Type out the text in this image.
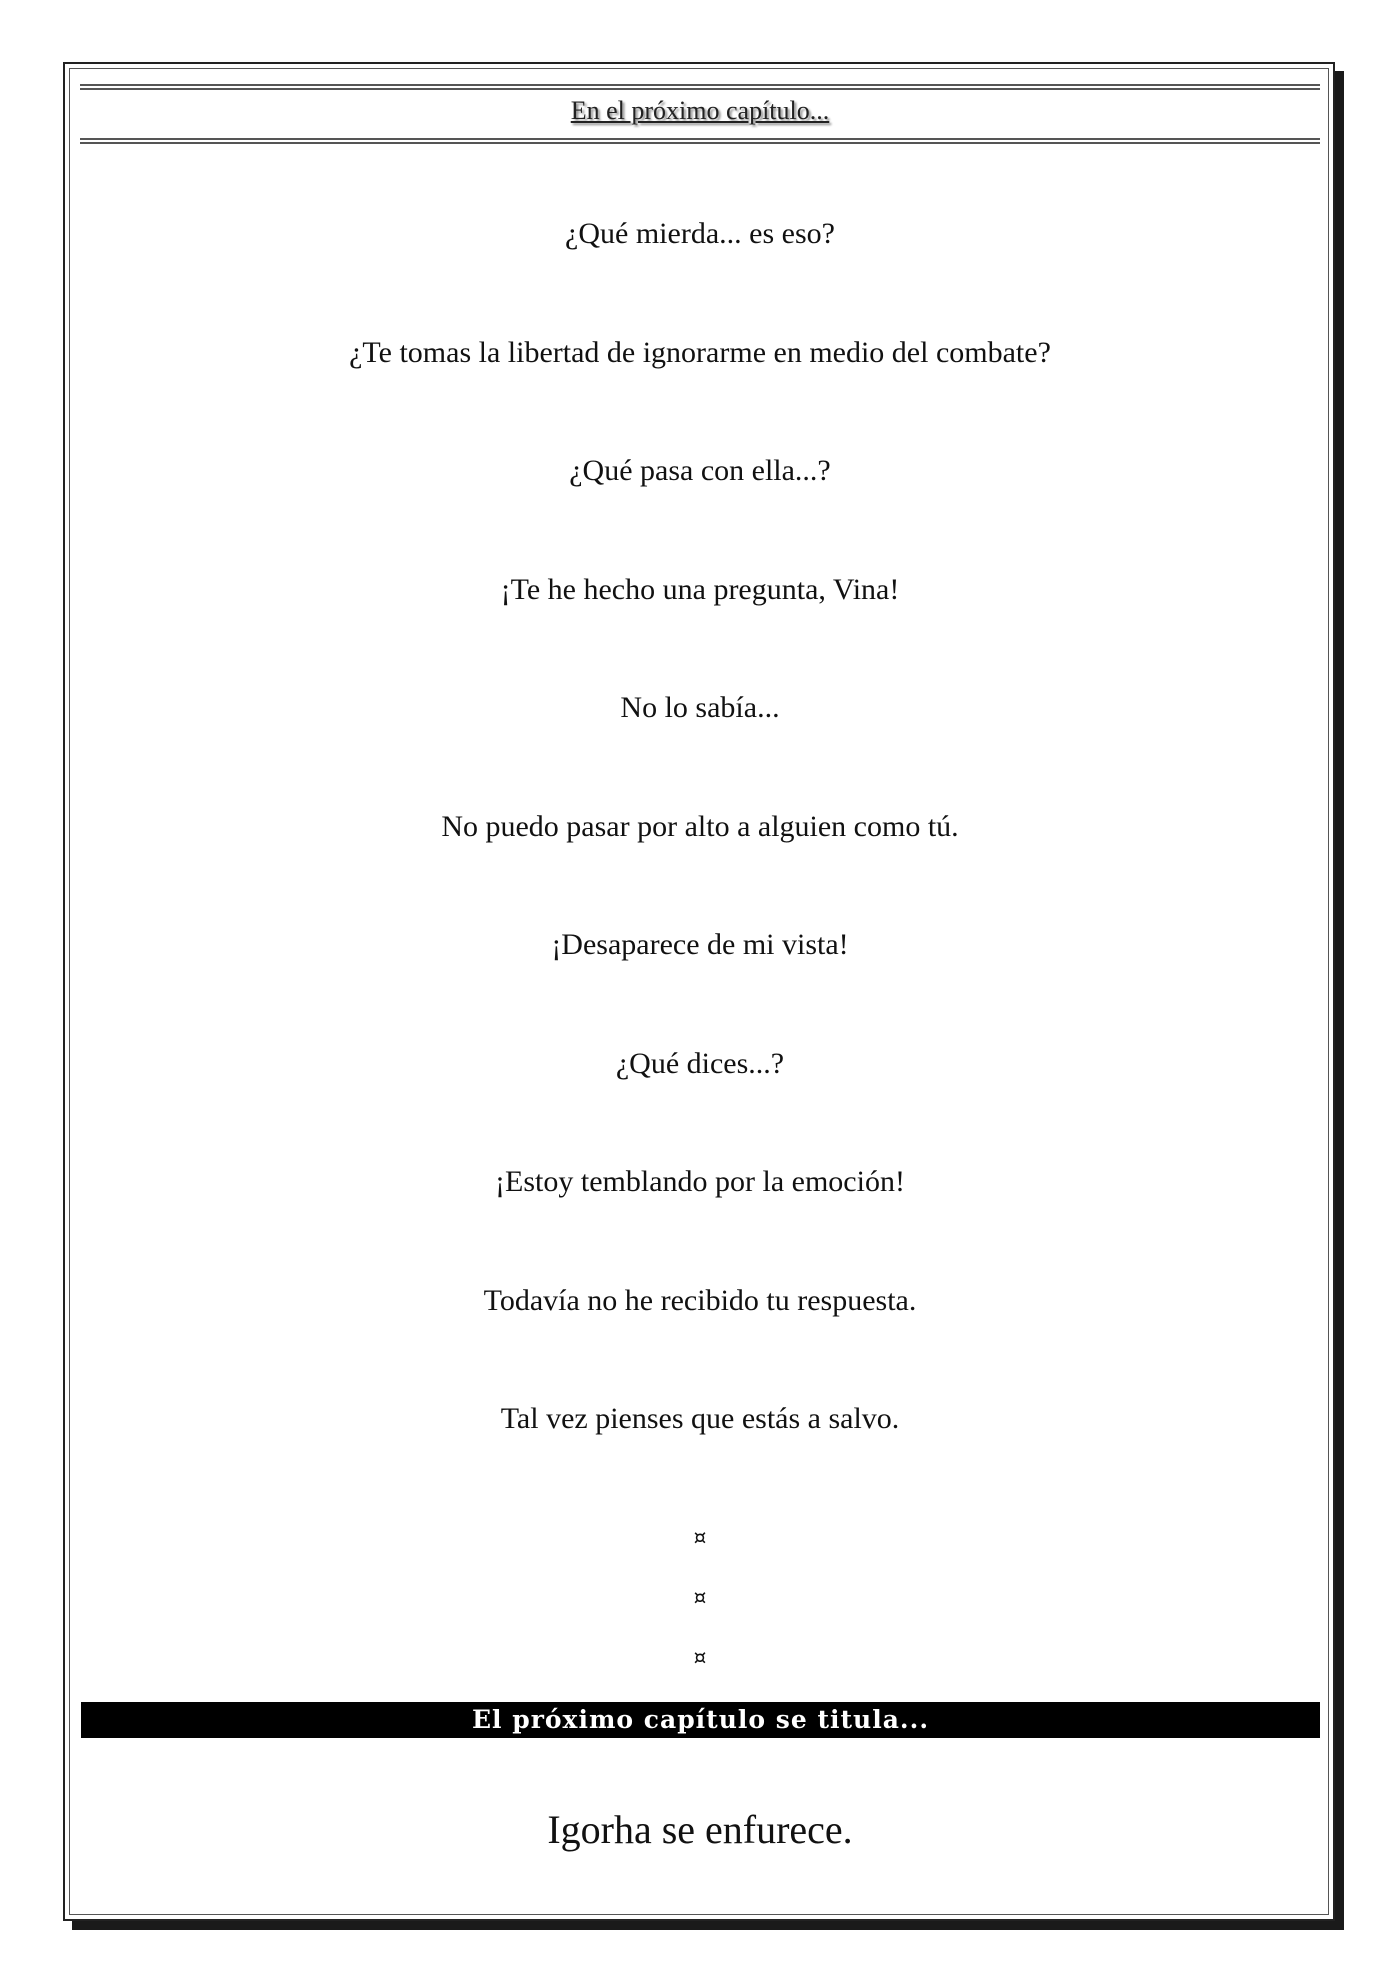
En el próximo capítulo...
¿Qué mierda... es eso?
¿Te tomas la libertad de ignorarme en medio del combate?
¿Qué pasa con ella...?
¡Te he hecho una pregunta, Vina!
No lo sabía...
No puedo pasar por alto a alguien como tú.
¡Desaparece de mi vista!
¿Qué dices...?
¡Estoy temblando por la emoción!
Todavía no he recibido tu respuesta.
Tal vez pienses que estás a salvo.
¤
¤
¤
El próximo capítulo se titula...
Igorha se enfurece.
